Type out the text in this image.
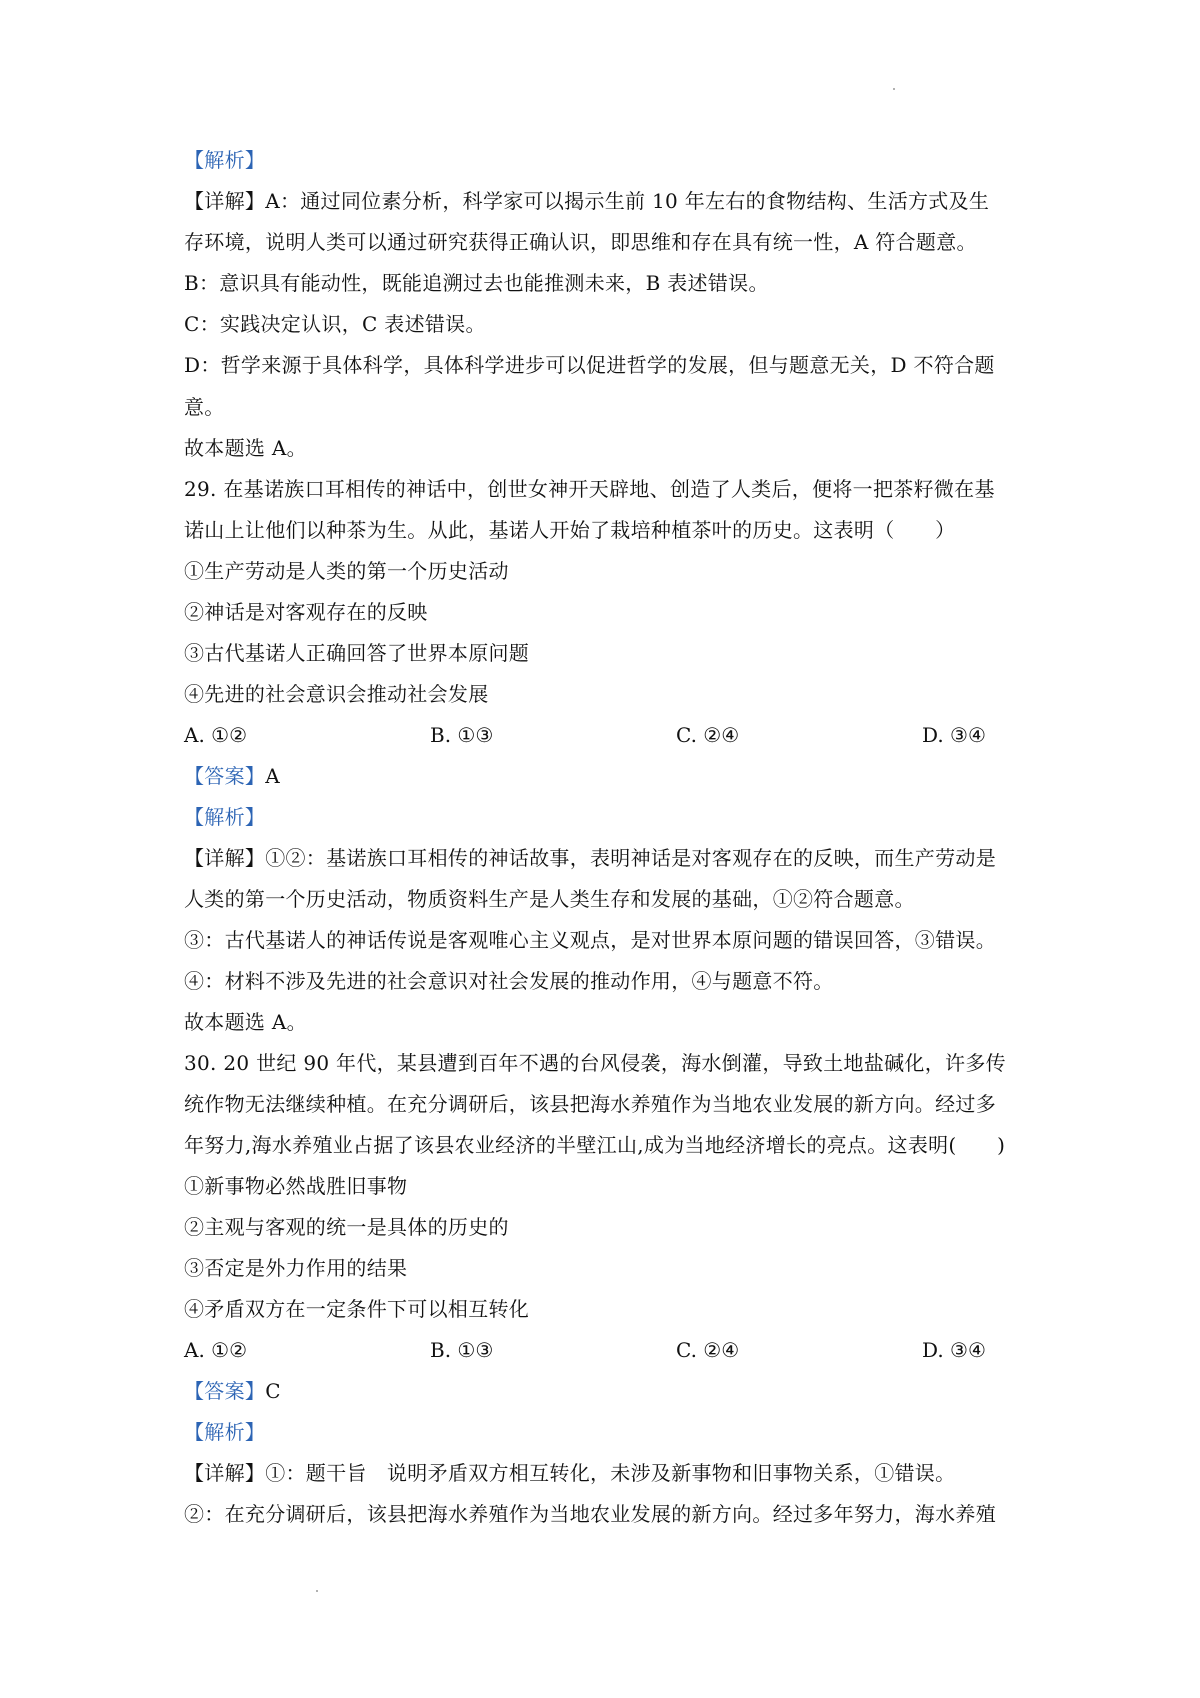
【解析】
【详解】A：通过同位素分析，科学家可以揭示生前 10 年左右的食物结构、生活方式及生
存环境，说明人类可以通过研究获得正确认识，即思维和存在具有统一性，A 符合题意。
B：意识具有能动性，既能追溯过去也能推测未来，B 表述错误。
C：实践决定认识，C 表述错误。
D：哲学来源于具体科学，具体科学进步可以促进哲学的发展，但与题意无关，D 不符合题
意。
故本题选 A。
29. 在基诺族口耳相传的神话中，创世女神开天辟地、创造了人类后，便将一把茶籽微在基
诺山上让他们以种茶为生。从此，基诺人开始了栽培种植茶叶的历史。这表明（　　）
①生产劳动是人类的第一个历史活动
②神话是对客观存在的反映
③古代基诺人正确回答了世界本原问题
④先进的社会意识会推动社会发展
A. ①②	B. ①③	C. ②④	D. ③④
【答案】A
【解析】
【详解】①②：基诺族口耳相传的神话故事，表明神话是对客观存在的反映，而生产劳动是
人类的第一个历史活动，物质资料生产是人类生存和发展的基础，①②符合题意。
③：古代基诺人的神话传说是客观唯心主义观点，是对世界本原问题的错误回答，③错误。
④：材料不涉及先进的社会意识对社会发展的推动作用，④与题意不符。
故本题选 A。
30. 20 世纪 90 年代，某县遭到百年不遇的台风侵袭，海水倒灌，导致土地盐碱化，许多传
统作物无法继续种植。在充分调研后，该县把海水养殖作为当地农业发展的新方向。经过多
年努力,海水养殖业占据了该县农业经济的半壁江山,成为当地经济增长的亮点。这表明(　　)
①新事物必然战胜旧事物
②主观与客观的统一是具体的历史的
③否定是外力作用的结果
④矛盾双方在一定条件下可以相互转化
A. ①②	B. ①③	C. ②④	D. ③④
【答案】C
【解析】
【详解】①：题干旨　说明矛盾双方相互转化，未涉及新事物和旧事物关系，①错误。
②：在充分调研后，该县把海水养殖作为当地农业发展的新方向。经过多年努力，海水养殖
